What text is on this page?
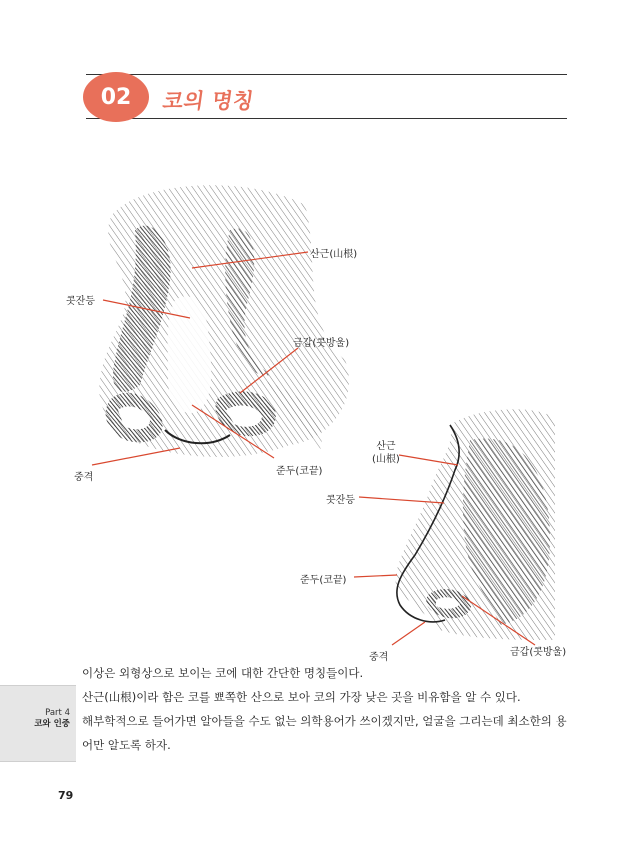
02 코의 명칭
산근(山根)
콧잔등
금갑(콧방울)
중격
준두(코끝)
산근
(山根)
콧잔등
준두(코끝)
중격	금갑(콧방울)

이상은 외형상으로 보이는 코에 대한 간단한 명칭들이다.

산근(山根)이라 함은 코를 뾰쪽한 산으로 보아 코의 가장 낮은 곳을 비유함을 알 수 있다.

해부학적으로 들어가면 알아들을 수도 없는 의학용어가 쓰이겠지만, 얼굴을 그리는데 최소한의 용

어만 알도록 하자.

Part 4
코와 인중
79
